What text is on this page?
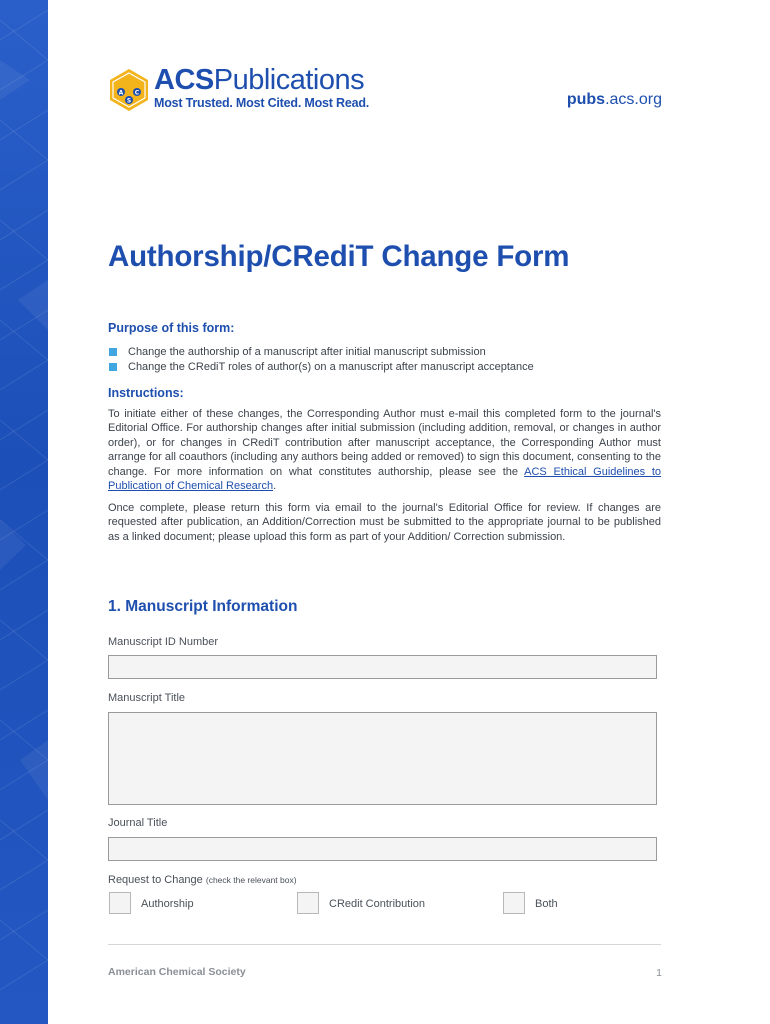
A C
S
ACSPublications
Most Trusted. Most Cited. Most Read.	pubs.acs.org
Authorship/CRediT Change Form
Purpose of this form:
Change the authorship of a manuscript after initial manuscript submission
Change the CRediT roles of author(s) on a manuscript after manuscript acceptance
Instructions:

To initiate either of these changes, the Corresponding Author must e-mail this completed form to the journal's Editorial Office. For authorship changes after initial submission (including addition, removal, or changes in author order), or for changes in CRediT contribution after manuscript acceptance, the Corresponding Author must arrange for all coauthors (including any authors being added or removed) to sign this document, consenting to the change. For more information on what constitutes authorship, please see the ACS Ethical Guidelines to Publication of Chemical Research.

Once complete, please return this form via email to the journal's Editorial Office for review. If changes are requested after publication, an Addition/Correction must be submitted to the appropriate journal to be published as a linked document; please upload this form as part of your Addition/ Correction submission.

1. Manuscript Information
Manuscript ID Number
Manuscript Title
Journal Title
Request to Change (check the relevant box)
Authorship	CRedit Contribution	Both
American Chemical Society	1
